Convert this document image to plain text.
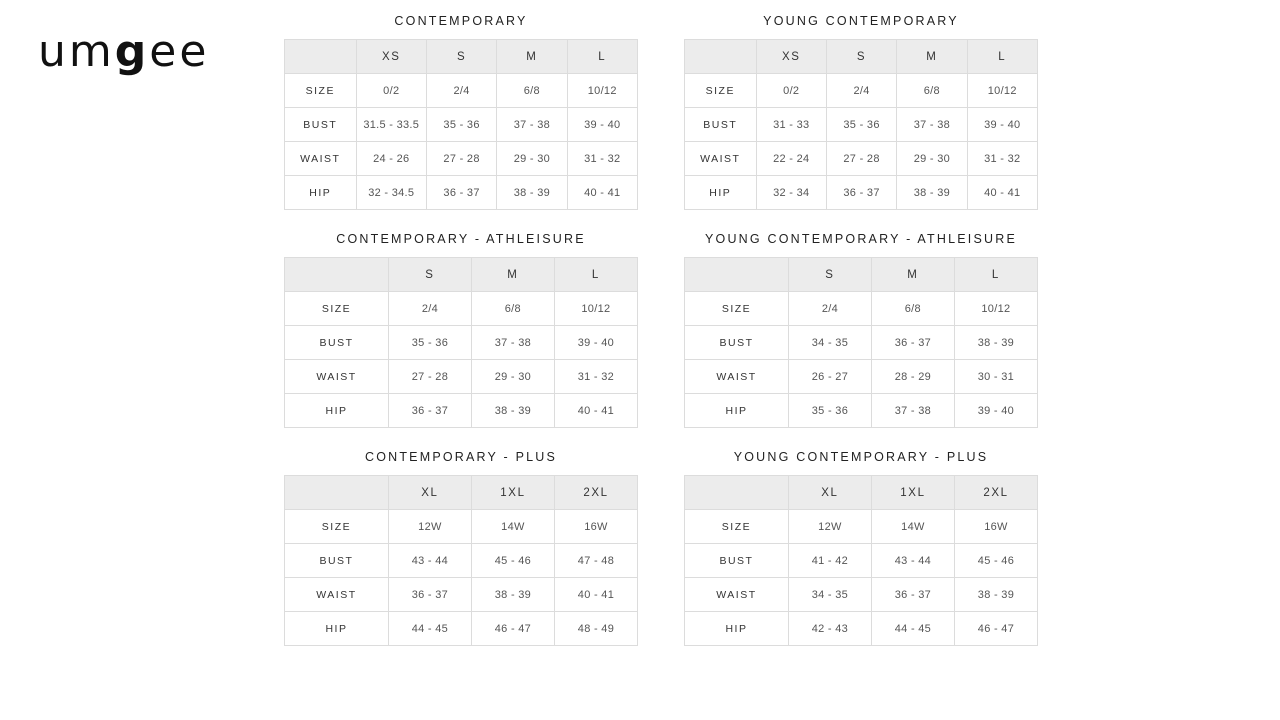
umgee
CONTEMPORARY
	XS	S	M	L
SIZE	0/2	2/4	6/8	10/12
BUST	31.5 - 33.5	35 - 36	37 - 38	39 - 40
WAIST	24 - 26	27 - 28	29 - 30	31 - 32
HIP	32 - 34.5	36 - 37	38 - 39	40 - 41
YOUNG CONTEMPORARY
	XS	S	M	L
SIZE	0/2	2/4	6/8	10/12
BUST	31 - 33	35 - 36	37 - 38	39 - 40
WAIST	22 - 24	27 - 28	29 - 30	31 - 32
HIP	32 - 34	36 - 37	38 - 39	40 - 41
CONTEMPORARY - ATHLEISURE
	S	M	L
SIZE	2/4	6/8	10/12
BUST	35 - 36	37 - 38	39 - 40
WAIST	27 - 28	29 - 30	31 - 32
HIP	36 - 37	38 - 39	40 - 41
YOUNG CONTEMPORARY - ATHLEISURE
	S	M	L
SIZE	2/4	6/8	10/12
BUST	34 - 35	36 - 37	38 - 39
WAIST	26 - 27	28 - 29	30 - 31
HIP	35 - 36	37 - 38	39 - 40
CONTEMPORARY - PLUS
	XL	1XL	2XL
SIZE	12W	14W	16W
BUST	43 - 44	45 - 46	47 - 48
WAIST	36 - 37	38 - 39	40 - 41
HIP	44 - 45	46 - 47	48 - 49
YOUNG CONTEMPORARY - PLUS
	XL	1XL	2XL
SIZE	12W	14W	16W
BUST	41 - 42	43 - 44	45 - 46
WAIST	34 - 35	36 - 37	38 - 39
HIP	42 - 43	44 - 45	46 - 47
